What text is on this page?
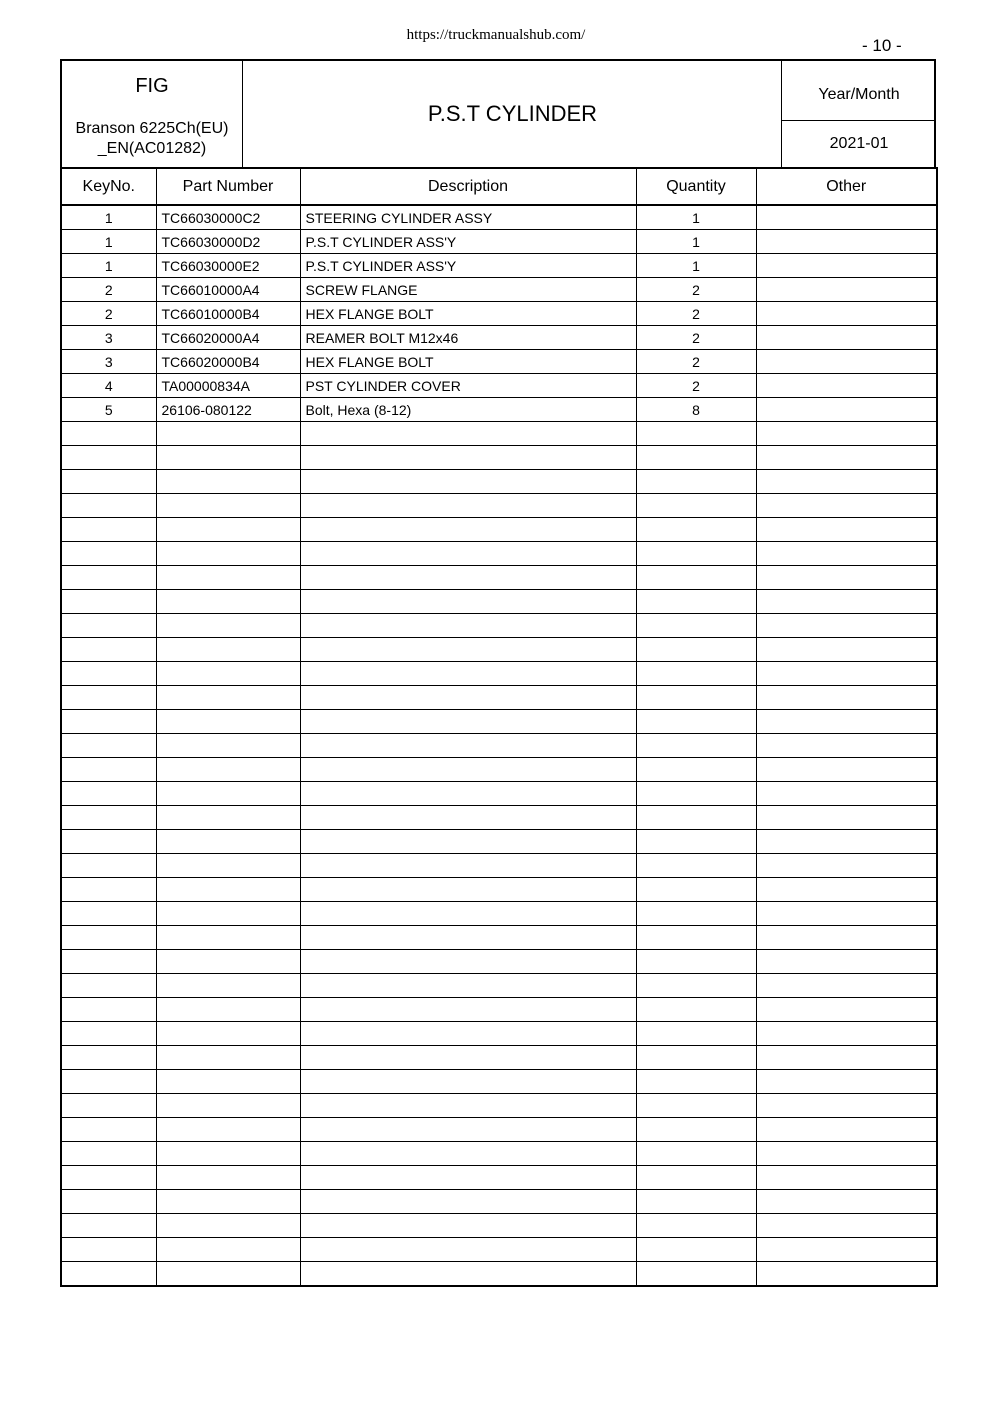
https://truckmanualshub.com/
- 10 -
FIG
Branson 6225Ch(EU)
_EN(AC01282)
P.S.T CYLINDER
Year/Month
2021-01
KeyNo.	Part Number	Description	Quantity	Other
1	TC66030000C2	STEERING CYLINDER ASSY	1	
1	TC66030000D2	P.S.T CYLINDER ASS'Y	1	
1	TC66030000E2	P.S.T CYLINDER ASS'Y	1	
2	TC66010000A4	SCREW FLANGE	2	
2	TC66010000B4	HEX FLANGE BOLT	2	
3	TC66020000A4	REAMER BOLT M12x46	2	
3	TC66020000B4	HEX FLANGE BOLT	2	
4	TA00000834A	PST CYLINDER COVER	2	
5	26106-080122	Bolt, Hexa (8-12)	8	
